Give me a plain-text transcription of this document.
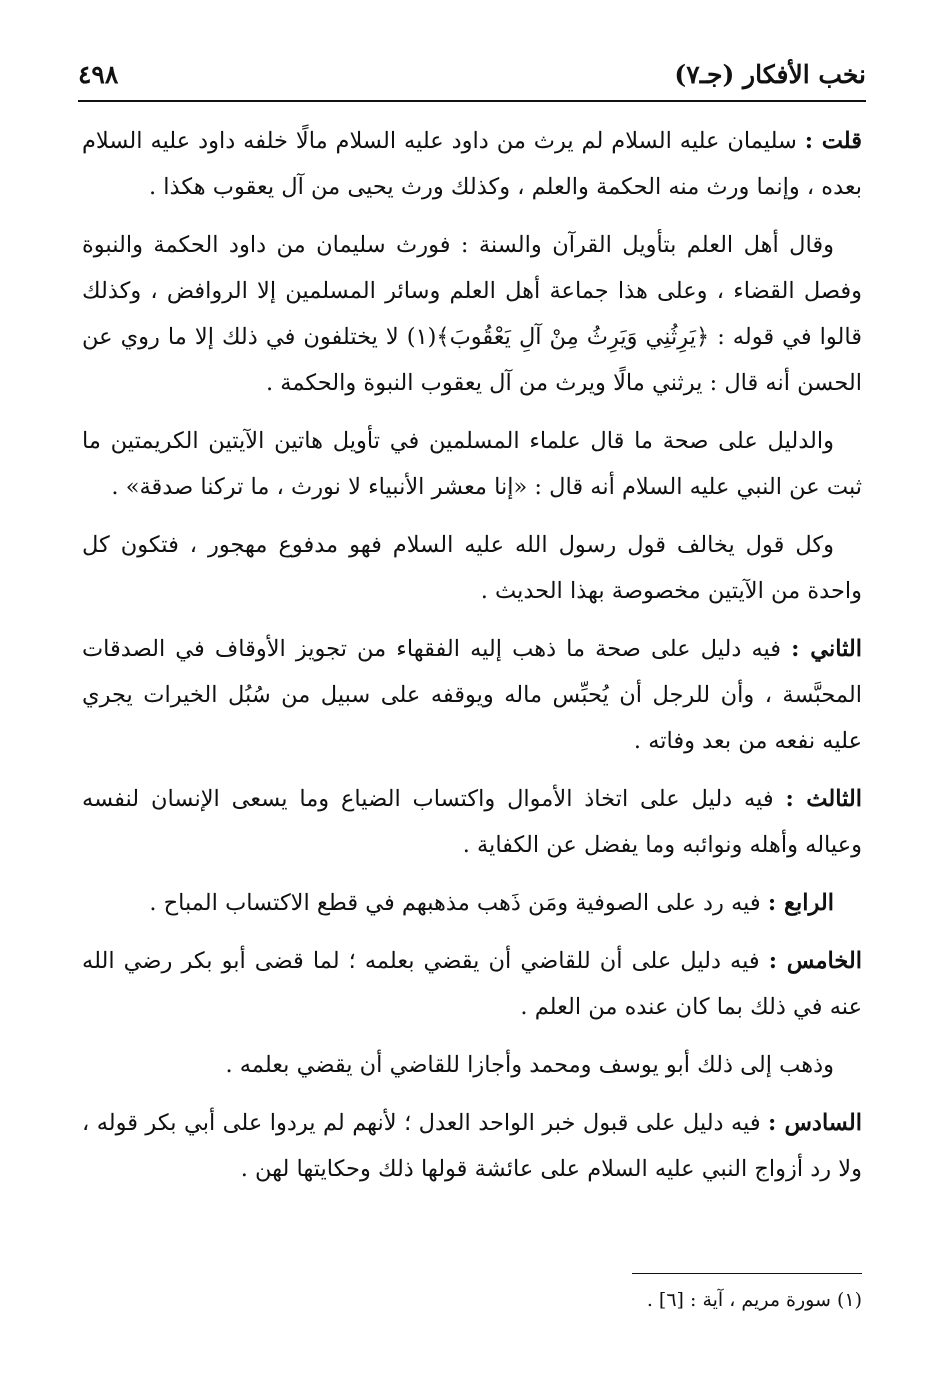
نخب الأفكار (جـ٧)
٤٩٨

قلت : سليمان عليه السلام لم يرث من داود عليه السلام مالًا خلفه داود عليه السلام بعده ، وإنما ورث منه الحكمة والعلم ، وكذلك ورث يحيى من آل يعقوب هكذا .

وقال أهل العلم بتأويل القرآن والسنة : فورث سليمان من داود الحكمة والنبوة وفصل القضاء ، وعلى هذا جماعة أهل العلم وسائر المسلمين إلا الروافض ، وكذلك قالوا في قوله : ﴿يَرِثُنِي وَيَرِثُ مِنْ آلِ يَعْقُوبَ﴾(١) لا يختلفون في ذلك إلا ما روي عن الحسن أنه قال : يرثني مالًا ويرث من آل يعقوب النبوة والحكمة .

والدليل على صحة ما قال علماء المسلمين في تأويل هاتين الآيتين الكريمتين ما ثبت عن النبي عليه السلام أنه قال : «إنا معشر الأنبياء لا نورث ، ما تركنا صدقة» .

وكل قول يخالف قول رسول الله عليه السلام فهو مدفوع مهجور ، فتكون كل واحدة من الآيتين مخصوصة بهذا الحديث .

الثاني : فيه دليل على صحة ما ذهب إليه الفقهاء من تجويز الأوقاف في الصدقات المحبَّسة ، وأن للرجل أن يُحبِّس ماله ويوقفه على سبيل من سُبُل الخيرات يجري عليه نفعه من بعد وفاته .

الثالث : فيه دليل على اتخاذ الأموال واكتساب الضياع وما يسعى الإنسان لنفسه وعياله وأهله ونوائبه وما يفضل عن الكفاية .

الرابع : فيه رد على الصوفية ومَن ذَهب مذهبهم في قطع الاكتساب المباح .

الخامس : فيه دليل على أن للقاضي أن يقضي بعلمه ؛ لما قضى أبو بكر رضي الله عنه في ذلك بما كان عنده من العلم .

وذهب إلى ذلك أبو يوسف ومحمد وأجازا للقاضي أن يقضي بعلمه .

السادس : فيه دليل على قبول خبر الواحد العدل ؛ لأنهم لم يردوا على أبي بكر قوله ، ولا رد أزواج النبي عليه السلام على عائشة قولها ذلك وحكايتها لهن .

(١) سورة مريم ، آية : [٦] .
